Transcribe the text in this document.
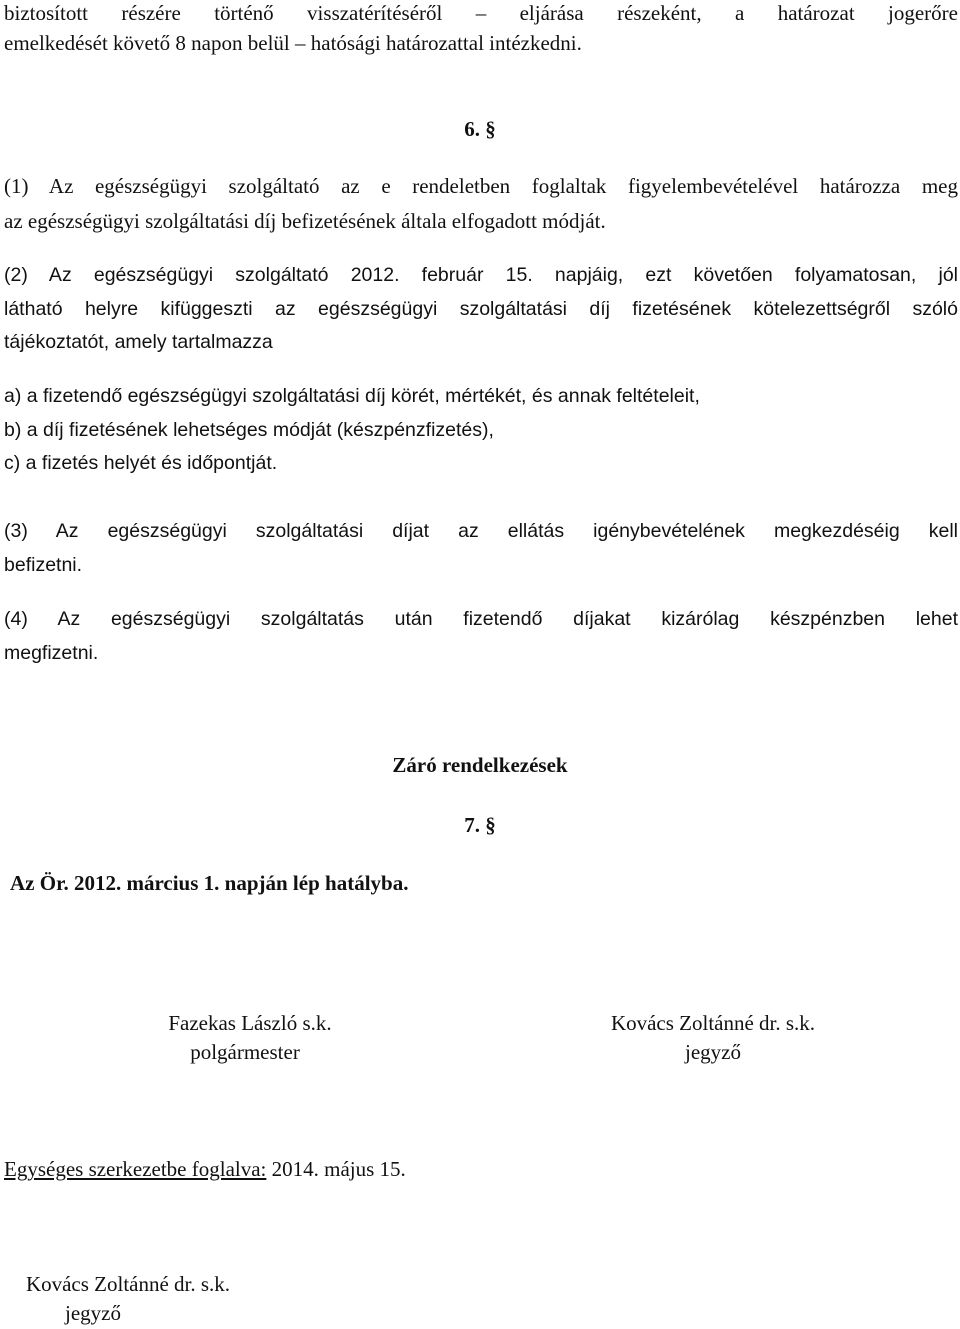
biztosított részére történő visszatérítéséről – eljárása részeként, a határozat jogerőre
emelkedését követő 8 napon belül – hatósági határozattal intézkedni.
6. §
(1) Az egészségügyi szolgáltató az e rendeletben foglaltak figyelembevételével határozza meg
az egészségügyi szolgáltatási díj befizetésének általa elfogadott módját.
(2) Az egészségügyi szolgáltató 2012. február 15. napjáig, ezt követően folyamatosan, jól
látható helyre kifüggeszti az egészségügyi szolgáltatási díj fizetésének kötelezettségről szóló
tájékoztatót, amely tartalmazza
a) a fizetendő egészségügyi szolgáltatási díj körét, mértékét, és annak feltételeit,
b) a díj fizetésének lehetséges módját (készpénzfizetés),
c) a fizetés helyét és időpontját.
(3) Az egészségügyi szolgáltatási díjat az ellátás igénybevételének megkezdéséig kell
befizetni.
(4) Az egészségügyi szolgáltatás után fizetendő díjakat kizárólag készpénzben lehet
megfizetni.
Záró rendelkezések
7. §
Az Ör. 2012. március 1. napján lép hatályba.
Fazekas László s.k.
polgármester
Kovács Zoltánné dr. s.k.
jegyző
Egységes szerkezetbe foglalva: 2014. május 15.
Kovács Zoltánné dr. s.k.
jegyző
